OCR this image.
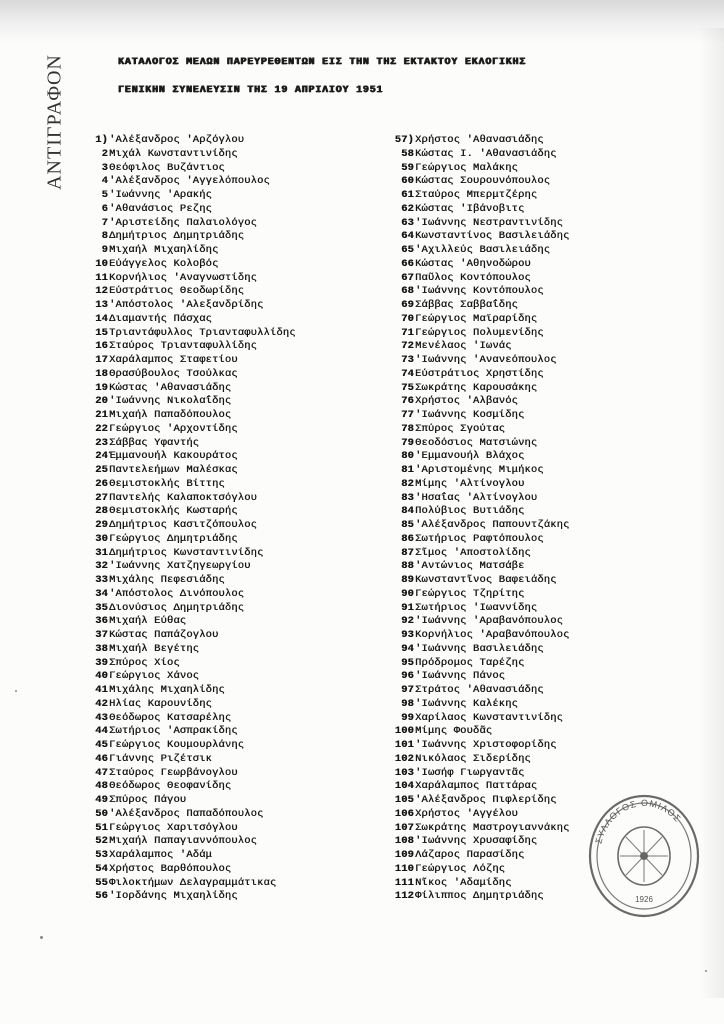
ΑΝΤΙΓΡΑΦΟΝ	ΚΑΤΑΛΟΓΟΣ ΜΕΛΩΝ ΠΑΡΕΥΡΕΘΕΝΤΩΝ ΕΙΣ ΤΗΝ ΤΗΣ ΕΚΤΑΚΤΟΥ ΕΚΛΟΓΙΚΗΣ
ΓΕΝΙΚΗΝ ΣΥΝΕΛΕΥΣΙΝ ΤΗΣ 19 ΑΠΡΙΛΙΟΥ 1951
1)'Αλέξανδρος 'Αρζόγλου
2Μιχάλ Κωνσταντινίδης
3Θεόφιλος Βυζάντιος
4'Αλέξανδρος 'Αγγελόπουλος
5'Ιωάννης 'Αρακής
6'Αθανάσιος Ρεζης
7'Αριστείδης Παλαιολόγος
8Δημήτριος Δημητριάδης
9Μιχαήλ Μιχαηλίδης
10Εύάγγελος Κολοβός
11Κορνήλιος 'Αναγνωστίδης
12Εύστράτιος Θεοδωρίδης
13'Απόστολος 'Αλεξανδρίδης
14Διαμαντής Πάσχας
15Τριαντάφυλλος Τριανταφυλλίδης
16Σταύρος Τριανταφυλλίδης
17Χαράλαμπος Σταφετίου
18Θρασύβουλος Τσούλκας
19Κώστας 'Αθανασιάδης
20'Ιωάννης Νικολαΐδης
21Μιχαήλ Παπαδόπουλος
22Γεώργιος 'Αρχοντίδης
23Σάββας Υφαντής
24Έμμανουήλ Κακουράτος
25Παντελεήμων Μαλέσκας
26Θεμιστοκλής Βίττης
27Παντελής Καλαποκτσόγλου
28Θεμιστοκλής Κωσταρής
29Δημήτριος Κασιτζόπουλος
30Γεώργιος Δημητριάδης
31Δημήτριος Κωνσταντινίδης
32'Ιωάννης Χατζηγεωργίου
33Μιχάλης Πεφεσιάδης
34'Απόστολος Δινόπουλος
35Διονύσιος Δημητριάδης
36Μιχαήλ Εύθας
37Κώστας Παπάζογλου
38Μιχαήλ Βεγέτης
39Σπύρος Χίος
40Γεώργιος Χάνος
41Μιχάλης Μιχαηλίδης
42Ηλίας Καρουνίδης
43Θεόδωρος Κατσαρέλης
44Σωτήριος 'Ασπρακίδης
45Γεώργιος Κουμουρλάνης
46Γιάννης Ριζέτσικ
47Σταύρος Γεωρβάνογλου
48Θεόδωρος Θεοφανίδης
49Σπύρος Πάγου
50'Αλέξανδρος Παπαδόπουλος
51Γεώργιος Χαριτσόγλου
52Μιχαήλ Παπαγιαννόπουλος
53Χαράλαμπος 'Αδάμ
54Χρήστος Βαρθόπουλος
55Φιλοκτήμων Δελαγραμμάτικας
56'Ιορδάνης Μιχαηλίδης
57)Χρήστος 'Αθανασιάδης
58Κώστας Ι. 'Αθανασιάδης
59Γεώργιος Μαλάκης
60Κώστας Σουρουνόπουλος
61Σταύρος Μπερμτζέρης
62Κώστας 'Ιβάνοβιτς
63'Ιωάννης Νεστραντινίδης
64Κωνσταντίνος Βασιλειάδης
65'Αχιλλεύς Βασιλειάδης
66Κώστας 'Αθηνοδώρου
67Παῦλος Κοντόπουλος
68'Ιωάννης Κοντόπουλος
69Σάββας Σαββαΐδης
70Γεώργιος Μαϊραρίδης
71Γεώργιος Πολυμενίδης
72Μενέλαος 'Ιωνάς
73'Ιωάννης 'Ανανεόπουλος
74Εύστράτιος Χρηστίδης
75Σωκράτης Καρουσάκης
76Χρήστος 'Αλβανός
77'Ιωάννης Κοσμίδης
78Σπύρος Σγούτας
79Θεοδόσιος Ματσιώνης
80'Εμμανουήλ Βλάχος
81'Αριστομένης Μιμήκος
82Μίμης 'Αλτίνογλου
83'Ησαΐας 'Αλτίνογλου
84Πολύβιος Βυτιάδης
85'Αλέξανδρος Παπουντζάκης
86Σωτήριος Ραφτόπουλος
87Σῖμος 'Αποστολίδης
88'Αντώνιος Ματσάβε
89Κωνσταντῖνος Βαφειάδης
90Γεώργιος Τζηρίτης
91Σωτήριος 'Ιωαννίδης
92'Ιωάννης 'Αραβανόπουλος
93Κορνήλιος 'Αραβανόπουλος
94'Ιωάννης Βασιλειάδης
95Πρόδρομος Ταρέζης
96'Ιωάννης Πάνος
97Στράτος 'Αθανασιάδης
98'Ιωάννης Καλέκης
99Χαρίλαος Κωνσταντινίδης
100Μίμης Φουδᾶς
101'Ιωάννης Χριστοφορίδης
102Νικόλαος Σιδερίδης
103'Ιωσήφ Γιωργαντᾶς
104Χαράλαμπος Παττάρας
105'Αλέξανδρος Πιφλερίδης
106Χρήστος 'Αγγέλου
107Σωκράτης Μαστρογιαννάκης
108'Ιωάννης Χρυσαφίδης
109Λάζαρος Παρασίδης
110Γεώργιος Λόζης
111Νῖκος 'Αδαμίδης
112Φίλιππος Δημητριάδης
ΣΥΛΛΟΓΟΣ ΟΜΙΛΟΣ
1926
